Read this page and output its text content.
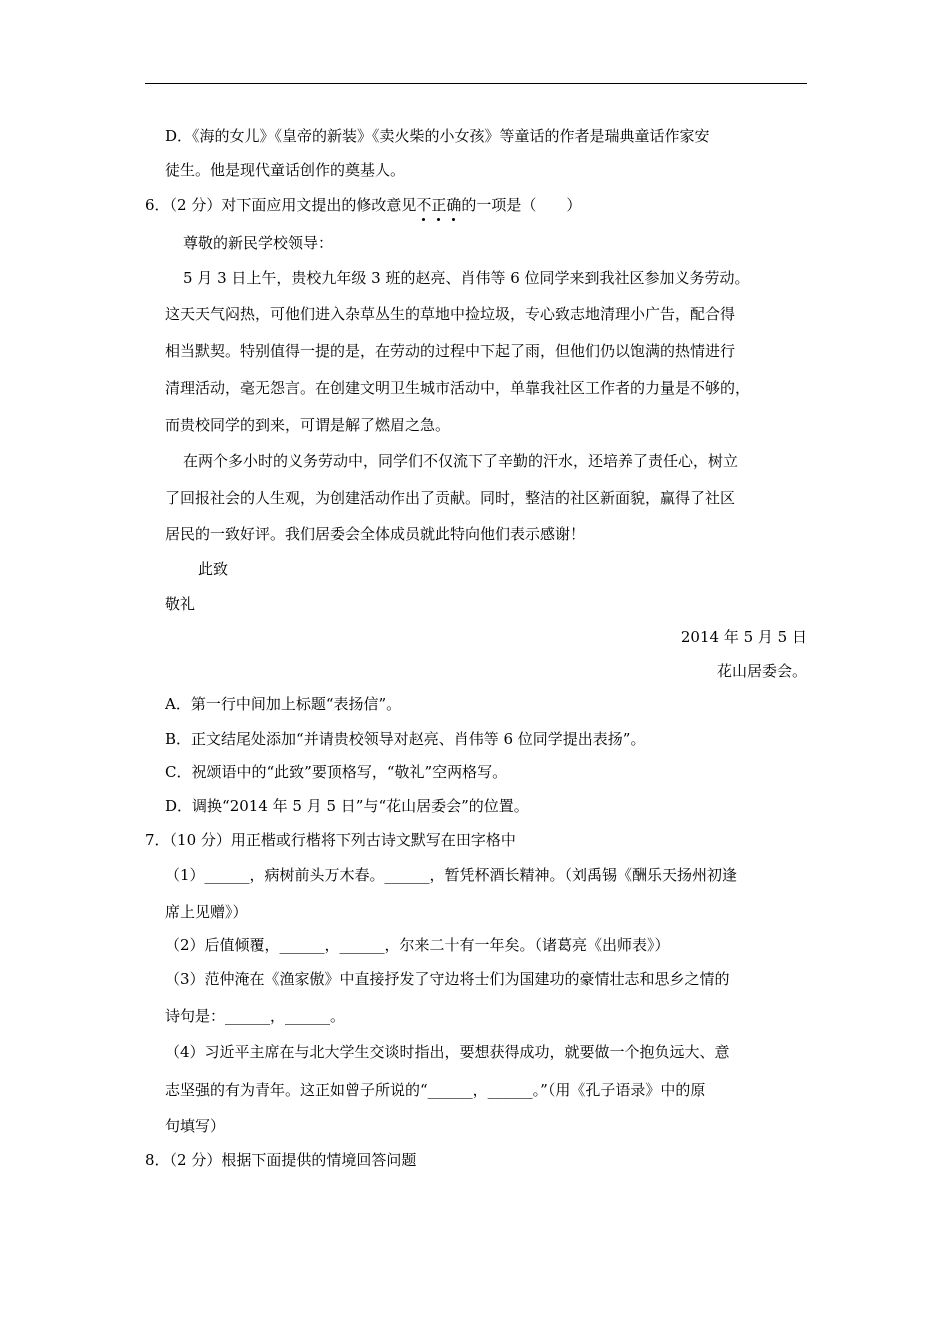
D．《海的女儿》《皇帝的新装》《卖火柴的小女孩》等童话的作者是瑞典童话作家安
徒生。他是现代童话创作的奠基人。
6．（2 分）对下面应用文提出的修改意见不正确的一项是（　　）
尊敬的新民学校领导：
5 月 3 日上午，贵校九年级 3 班的赵亮、肖伟等 6 位同学来到我社区参加义务劳动。
这天天气闷热，可他们进入杂草丛生的草地中捡垃圾，专心致志地清理小广告，配合得
相当默契。特别值得一提的是，在劳动的过程中下起了雨，但他们仍以饱满的热情进行
清理活动，毫无怨言。在创建文明卫生城市活动中，单靠我社区工作者的力量是不够的，
而贵校同学的到来，可谓是解了燃眉之急。
在两个多小时的义务劳动中，同学们不仅流下了辛勤的汗水，还培养了责任心，树立
了回报社会的人生观，为创建活动作出了贡献。同时，整洁的社区新面貌，赢得了社区
居民的一致好评。我们居委会全体成员就此特向他们表示感谢！
此致
敬礼
2014 年 5 月 5 日
花山居委会。
A．第一行中间加上标题“表扬信”。
B．正文结尾处添加“并请贵校领导对赵亮、肖伟等 6 位同学提出表扬”。
C．祝颂语中的“此致”要顶格写，“敬礼”空两格写。
D．调换“2014 年 5 月 5 日”与“花山居委会”的位置。
7．（10 分）用正楷或行楷将下列古诗文默写在田字格中
（1）______，病树前头万木春。______，暂凭杯酒长精神。（刘禹锡《酬乐天扬州初逢
席上见赠》）
（2）后值倾覆，______，______，尔来二十有一年矣。（诸葛亮《出师表》）
（3）范仲淹在《渔家傲》中直接抒发了守边将士们为国建功的豪情壮志和思乡之情的
诗句是：______，______。
（4）习近平主席在与北大学生交谈时指出，要想获得成功，就要做一个抱负远大、意
志坚强的有为青年。这正如曾子所说的“______，______。”（用《孔子语录》中的原
句填写）
8．（2 分）根据下面提供的情境回答问题
